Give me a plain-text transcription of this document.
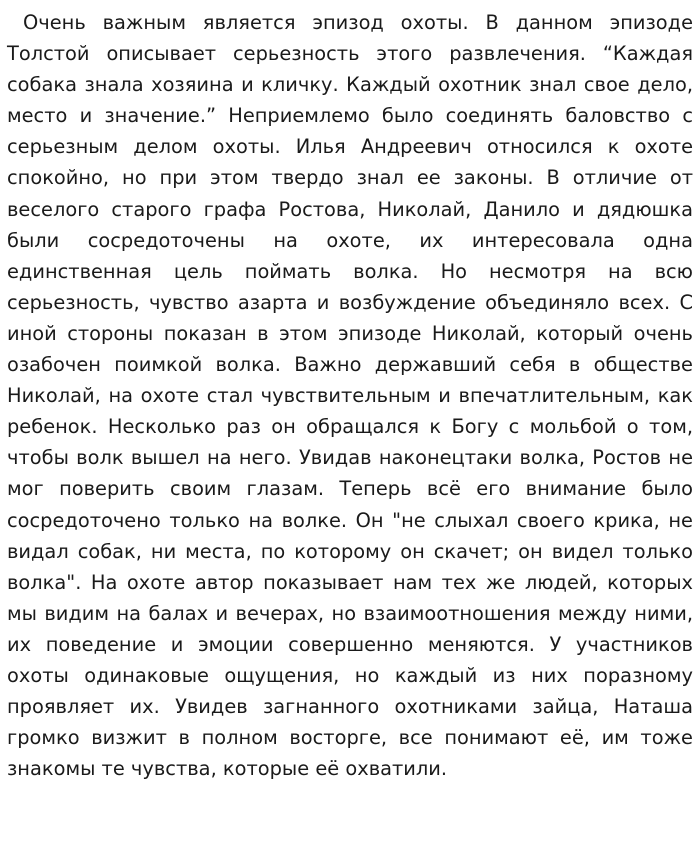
Очень важным является эпизод охоты. В данном эпизоде Толстой описывает серьезность этого развлечения. “Каждая собака знала хозяина и кличку. Каждый охотник знал свое дело, место и значение.” Неприемлемо было соединять баловство с серьезным делом охоты. Илья Андреевич относился к охоте спокойно, но при этом твердо знал ее законы. В отличие от веселого старого графа Ростова, Николай, Данило и дядюшка были сосредоточены на охоте, их интересовала одна единственная цель поймать волка. Но несмотря на всю серьезность, чувство азарта и возбуждение объединяло всех. С иной стороны показан в этом эпизоде Николай, который очень озабочен поимкой волка. Важно державший себя в обществе Николай, на охоте стал чувствительным и впечатлительным, как ребенок. Несколько раз он обращался к Богу с мольбой о том, чтобы волк вышел на него. Увидав наконецтаки волка, Ростов не мог поверить своим глазам. Теперь всё его внимание было сосредоточено только на волке. Он "не слыхал своего крика, не видал собак, ни места, по которому он скачет; он видел только волка". На охоте автор показывает нам тех же людей, которых мы видим на балах и вечерах, но взаимоотношения между ними, их поведение и эмоции совершенно меняются. У участников охоты одинаковые ощущения, но каждый из них поразному проявляет их. Увидев загнанного охотниками зайца, Наташа громко визжит в полном восторге, все понимают её, им тоже знакомы те чувства, которые её охватили.
